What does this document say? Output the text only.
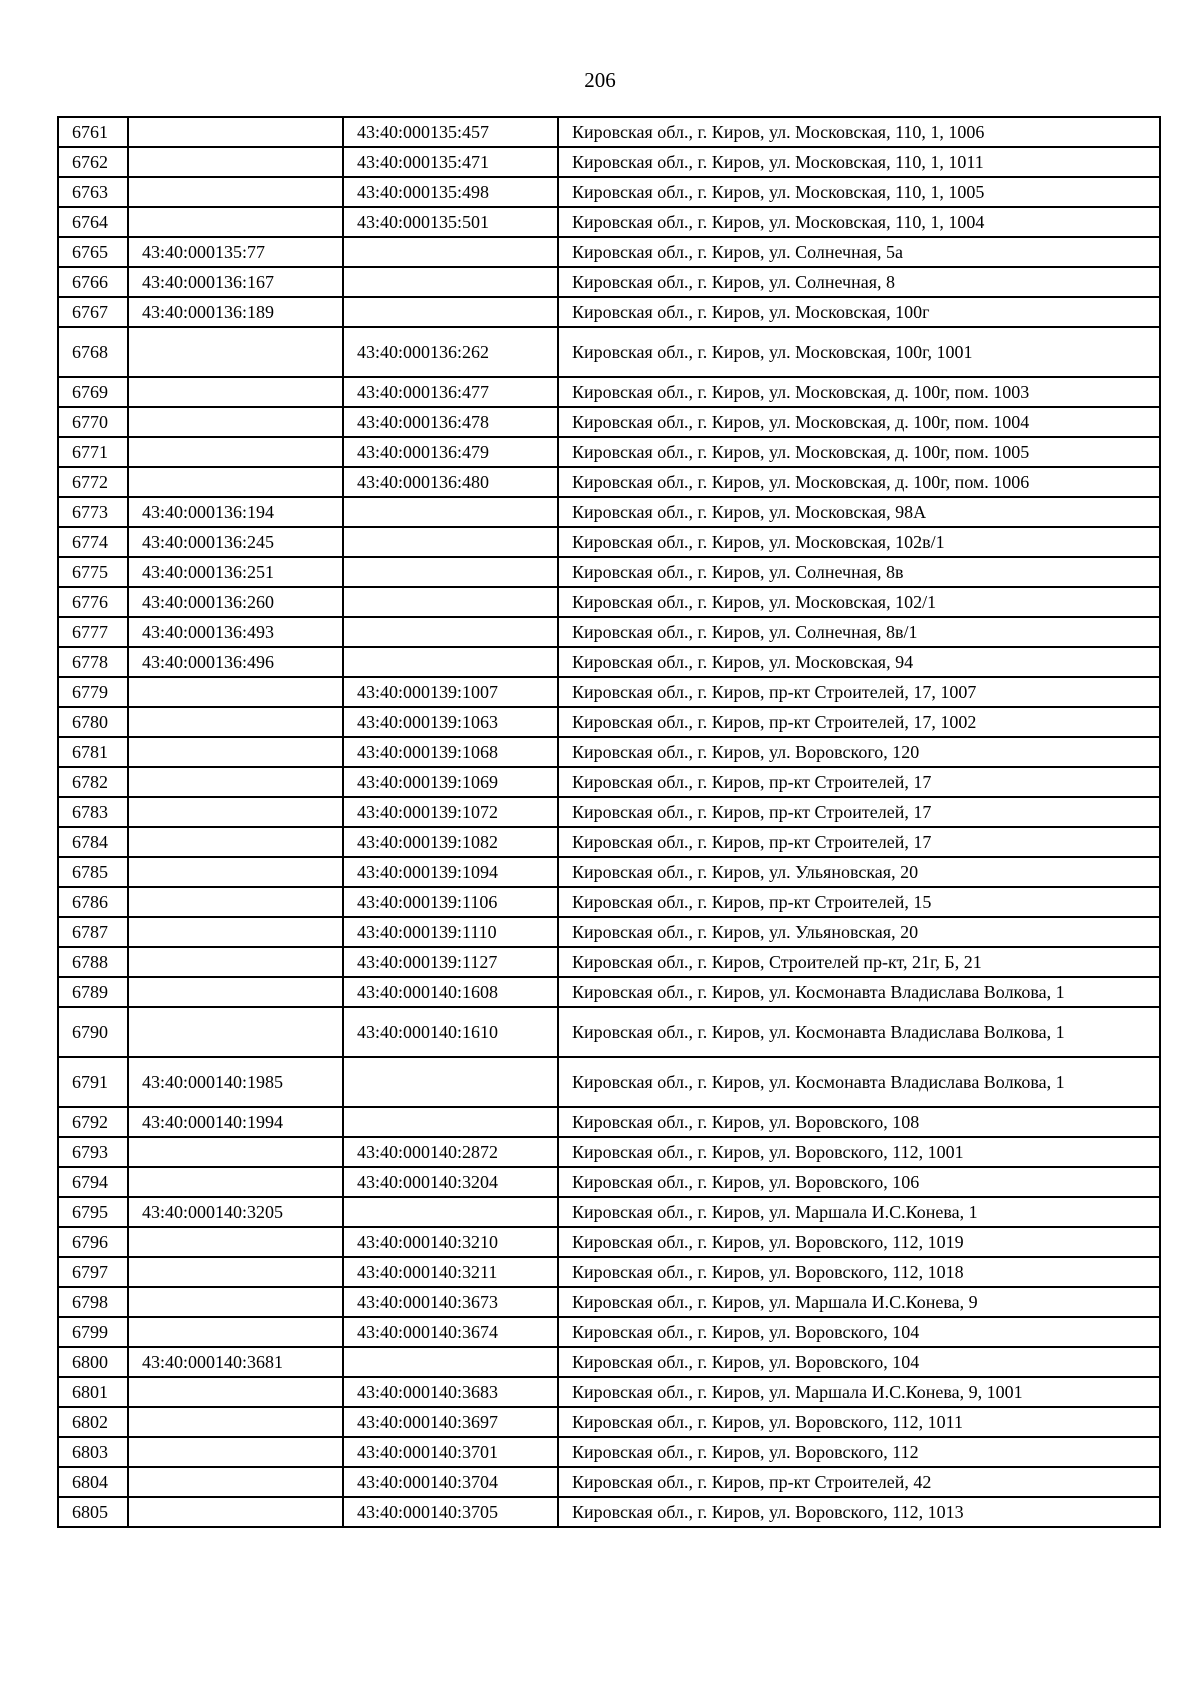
206
6761		43:40:000135:457	Кировская обл., г. Киров, ул. Московская, 110, 1, 1006
6762		43:40:000135:471	Кировская обл., г. Киров, ул. Московская, 110, 1, 1011
6763		43:40:000135:498	Кировская обл., г. Киров, ул. Московская, 110, 1, 1005
6764		43:40:000135:501	Кировская обл., г. Киров, ул. Московская, 110, 1, 1004
6765	43:40:000135:77		Кировская обл., г. Киров, ул. Солнечная, 5а
6766	43:40:000136:167		Кировская обл., г. Киров, ул. Солнечная, 8
6767	43:40:000136:189		Кировская обл., г. Киров, ул. Московская, 100г
6768		43:40:000136:262	Кировская обл., г. Киров, ул. Московская, 100г, 1001
6769		43:40:000136:477	Кировская обл., г. Киров, ул. Московская, д. 100г, пом. 1003
6770		43:40:000136:478	Кировская обл., г. Киров, ул. Московская, д. 100г, пом. 1004
6771		43:40:000136:479	Кировская обл., г. Киров, ул. Московская, д. 100г, пом. 1005
6772		43:40:000136:480	Кировская обл., г. Киров, ул. Московская, д. 100г, пом. 1006
6773	43:40:000136:194		Кировская обл., г. Киров, ул. Московская, 98А
6774	43:40:000136:245		Кировская обл., г. Киров, ул. Московская, 102в/1
6775	43:40:000136:251		Кировская обл., г. Киров, ул. Солнечная, 8в
6776	43:40:000136:260		Кировская обл., г. Киров, ул. Московская, 102/1
6777	43:40:000136:493		Кировская обл., г. Киров, ул. Солнечная, 8в/1
6778	43:40:000136:496		Кировская обл., г. Киров, ул. Московская, 94
6779		43:40:000139:1007	Кировская обл., г. Киров, пр-кт Строителей, 17, 1007
6780		43:40:000139:1063	Кировская обл., г. Киров, пр-кт Строителей, 17, 1002
6781		43:40:000139:1068	Кировская обл., г. Киров, ул. Воровского, 120
6782		43:40:000139:1069	Кировская обл., г. Киров, пр-кт Строителей, 17
6783		43:40:000139:1072	Кировская обл., г. Киров, пр-кт Строителей, 17
6784		43:40:000139:1082	Кировская обл., г. Киров, пр-кт Строителей, 17
6785		43:40:000139:1094	Кировская обл., г. Киров, ул. Ульяновская, 20
6786		43:40:000139:1106	Кировская обл., г. Киров, пр-кт Строителей, 15
6787		43:40:000139:1110	Кировская обл., г. Киров, ул. Ульяновская, 20
6788		43:40:000139:1127	Кировская обл., г. Киров, Строителей пр-кт, 21г, Б, 21
6789		43:40:000140:1608	Кировская обл., г. Киров, ул. Космонавта Владислава Волкова, 1
6790		43:40:000140:1610	Кировская обл., г. Киров, ул. Космонавта Владислава Волкова, 1
6791	43:40:000140:1985		Кировская обл., г. Киров, ул. Космонавта Владислава Волкова, 1
6792	43:40:000140:1994		Кировская обл., г. Киров, ул. Воровского, 108
6793		43:40:000140:2872	Кировская обл., г. Киров, ул. Воровского, 112, 1001
6794		43:40:000140:3204	Кировская обл., г. Киров, ул. Воровского, 106
6795	43:40:000140:3205		Кировская обл., г. Киров, ул. Маршала И.С.Конева, 1
6796		43:40:000140:3210	Кировская обл., г. Киров, ул. Воровского, 112, 1019
6797		43:40:000140:3211	Кировская обл., г. Киров, ул. Воровского, 112, 1018
6798		43:40:000140:3673	Кировская обл., г. Киров, ул. Маршала И.С.Конева, 9
6799		43:40:000140:3674	Кировская обл., г. Киров, ул. Воровского, 104
6800	43:40:000140:3681		Кировская обл., г. Киров, ул. Воровского, 104
6801		43:40:000140:3683	Кировская обл., г. Киров, ул. Маршала И.С.Конева, 9, 1001
6802		43:40:000140:3697	Кировская обл., г. Киров, ул. Воровского, 112, 1011
6803		43:40:000140:3701	Кировская обл., г. Киров, ул. Воровского, 112
6804		43:40:000140:3704	Кировская обл., г. Киров, пр-кт Строителей, 42
6805		43:40:000140:3705	Кировская обл., г. Киров, ул. Воровского, 112, 1013
